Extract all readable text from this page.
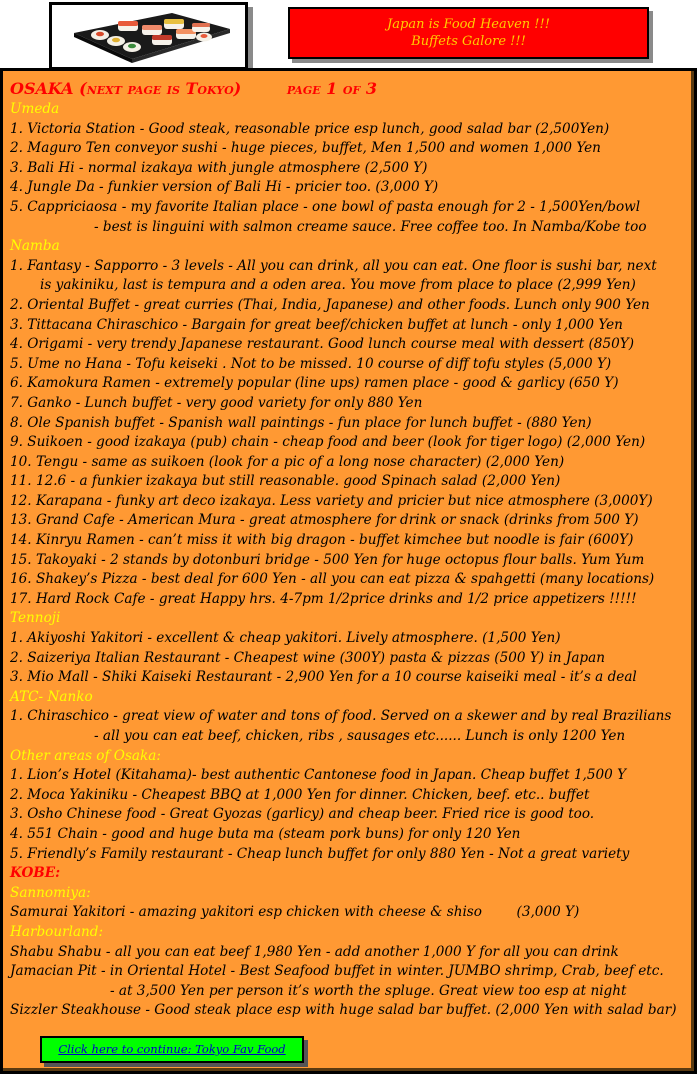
Japan is Food Heaven !!!
Buffets Galore !!!
OSAKA (next page is Tokyo)	page 1 of 3
Umeda
1. Victoria Station - Good steak, reasonable price esp lunch, good salad bar (2,500Yen)
2. Maguro Ten conveyor sushi - huge pieces, buffet, Men 1,500 and women 1,000 Yen
3. Bali Hi - normal izakaya with jungle atmosphere (2,500 Y)
4. Jungle Da - funkier version of Bali Hi - pricier too. (3,000 Y)
5. Cappriciaosa - my favorite Italian place - one bowl of pasta enough for 2 - 1,500Yen/bowl
- best is linguini with salmon creame sauce. Free coffee too. In Namba/Kobe too
Namba
1. Fantasy - Sapporro - 3 levels - All you can drink, all you can eat. One floor is sushi bar, next
is yakiniku, last is tempura and a oden area. You move from place to place (2,999 Yen)
2. Oriental Buffet - great curries (Thai, India, Japanese) and other foods. Lunch only 900 Yen
3. Tittacana Chiraschico - Bargain for great beef/chicken buffet at lunch - only 1,000 Yen
4. Origami - very trendy Japanese restaurant. Good lunch course meal with dessert (850Y)
5. Ume no Hana - Tofu keiseki . Not to be missed. 10 course of diff tofu styles (5,000 Y)
6. Kamokura Ramen - extremely popular (line ups) ramen place - good & garlicy (650 Y)
7. Ganko - Lunch buffet - very good variety for only 880 Yen
8. Ole Spanish buffet - Spanish wall paintings - fun place for lunch buffet - (880 Yen)
9. Suikoen - good izakaya (pub) chain - cheap food and beer (look for tiger logo) (2,000 Yen)
10. Tengu - same as suikoen (look for a pic of a long nose character) (2,000 Yen)
11. 12.6 - a funkier izakaya but still reasonable. good Spinach salad (2,000 Yen)
12. Karapana - funky art deco izakaya. Less variety and pricier but nice atmosphere (3,000Y)
13. Grand Cafe - American Mura - great atmosphere for drink or snack (drinks from 500 Y)
14. Kinryu Ramen - can’t miss it with big dragon - buffet kimchee but noodle is fair (600Y)
15. Takoyaki - 2 stands by dotonburi bridge - 500 Yen for huge octopus flour balls. Yum Yum
16. Shakey’s Pizza - best deal for 600 Yen - all you can eat pizza & spahgetti (many locations)
17. Hard Rock Cafe - great Happy hrs. 4-7pm 1/2price drinks and 1/2 price appetizers !!!!!
Tennoji
1. Akiyoshi Yakitori - excellent & cheap yakitori. Lively atmosphere. (1,500 Yen)
2. Saizeriya Italian Restaurant - Cheapest wine (300Y) pasta & pizzas (500 Y) in Japan
3. Mio Mall - Shiki Kaiseki Restaurant - 2,900 Yen for a 10 course kaiseiki meal - it’s a deal
ATC- Nanko
1. Chiraschico - great view of water and tons of food. Served on a skewer and by real Brazilians
- all you can eat beef, chicken, ribs , sausages etc...... Lunch is only 1200 Yen
Other areas of Osaka:
1. Lion’s Hotel (Kitahama)- best authentic Cantonese food in Japan. Cheap buffet 1,500 Y
2. Moca Yakiniku - Cheapest BBQ at 1,000 Yen for dinner. Chicken, beef. etc.. buffet
3. Osho Chinese food - Great Gyozas (garlicy) and cheap beer. Fried rice is good too.
4. 551 Chain - good and huge buta ma (steam pork buns) for only 120 Yen
5. Friendly’s Family restaurant - Cheap lunch buffet for only 880 Yen - Not a great variety
KOBE:
Sannomiya:
Samurai Yakitori - amazing yakitori esp chicken with cheese & shiso        (3,000 Y)
Harbourland:
Shabu Shabu - all you can eat beef 1,980 Yen - add another 1,000 Y for all you can drink
Jamacian Pit - in Oriental Hotel - Best Seafood buffet in winter. JUMBO shrimp, Crab, beef etc.
- at 3,500 Yen per person it’s worth the spluge. Great view too esp at night
Sizzler Steakhouse - Good steak place esp with huge salad bar buffet. (2,000 Yen with salad bar)
Click here to continue: Tokyo Fav Food
